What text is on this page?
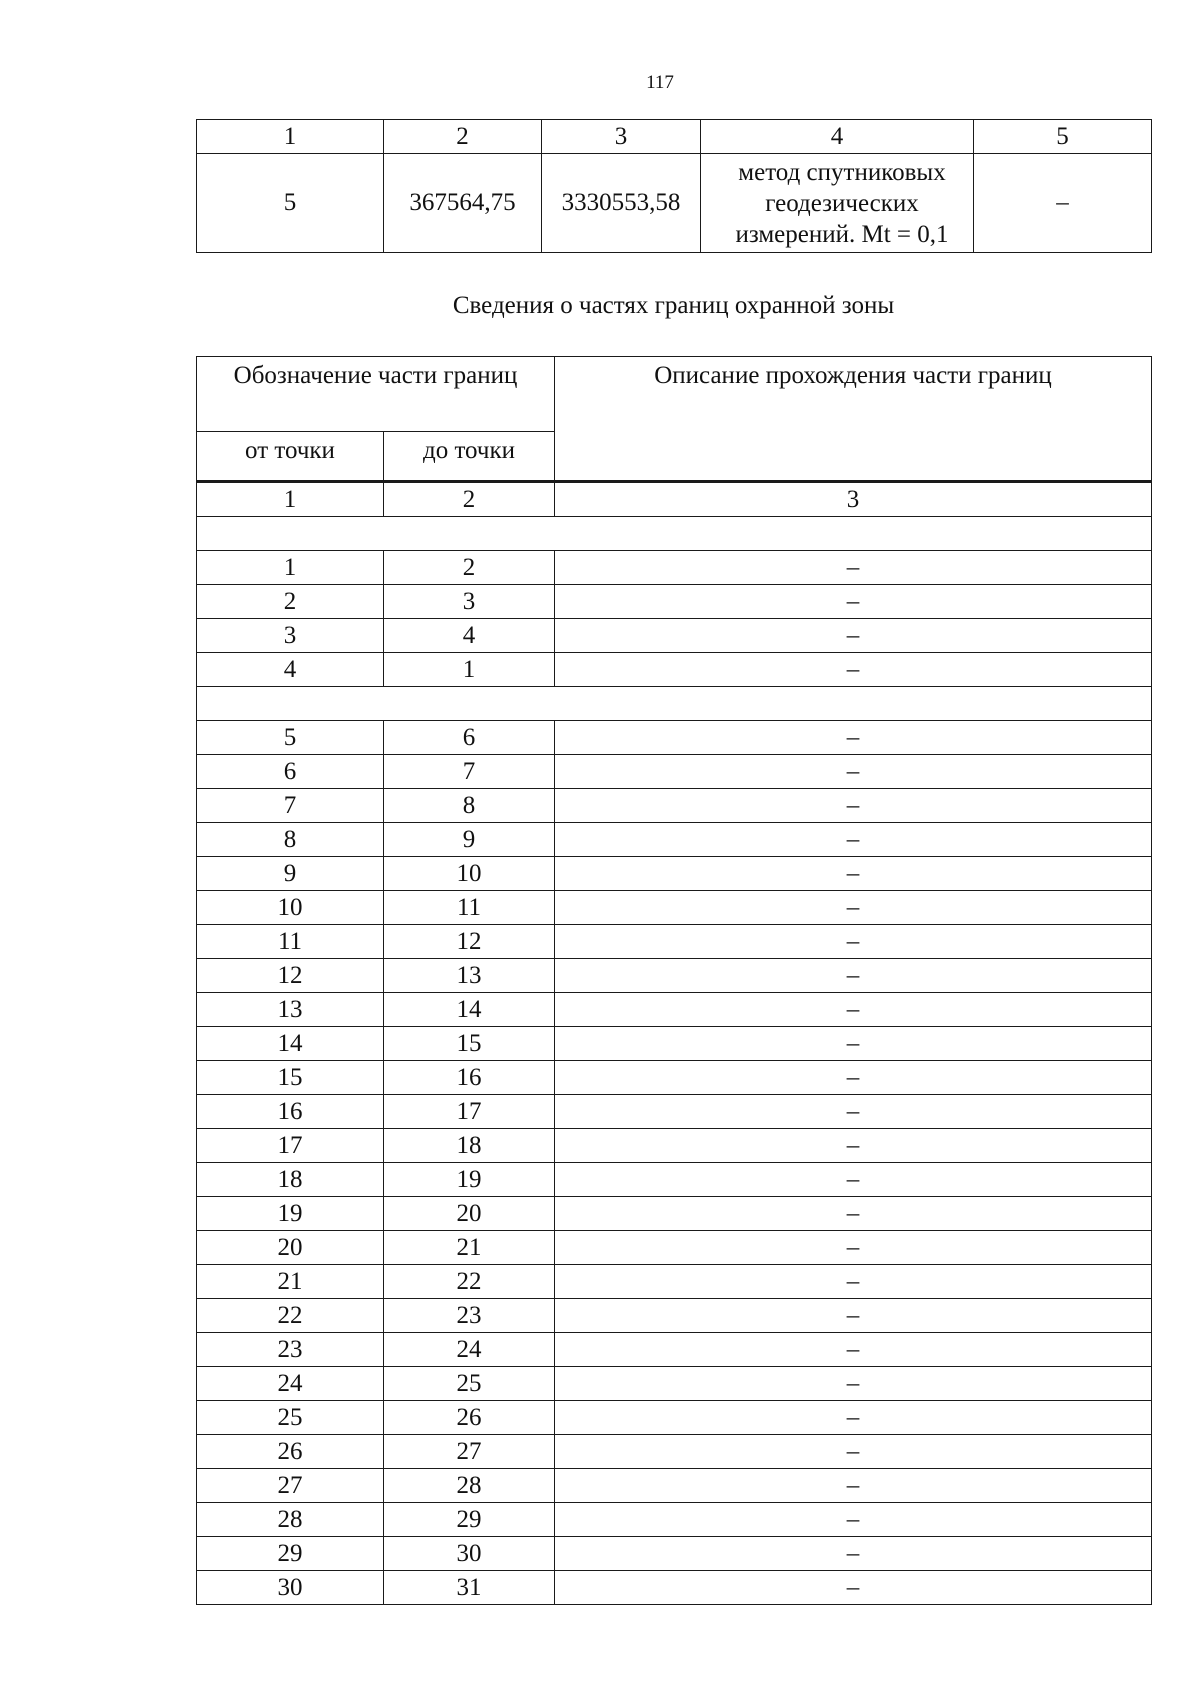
117
1	2	3	4	5
5	367564,75	3330553,58	метод спутниковых
геодезических
измерений. Mt = 0,1	–
Сведения о частях границ охранной зоны
Обозначение части границ		Описание прохождения части границ
от точки	до точки	
1	2	3

1	2	–
2	3	–
3	4	–
4	1	–

5	6	–
6	7	–
7	8	–
8	9	–
9	10	–
10	11	–
11	12	–
12	13	–
13	14	–
14	15	–
15	16	–
16	17	–
17	18	–
18	19	–
19	20	–
20	21	–
21	22	–
22	23	–
23	24	–
24	25	–
25	26	–
26	27	–
27	28	–
28	29	–
29	30	–
30	31	–
